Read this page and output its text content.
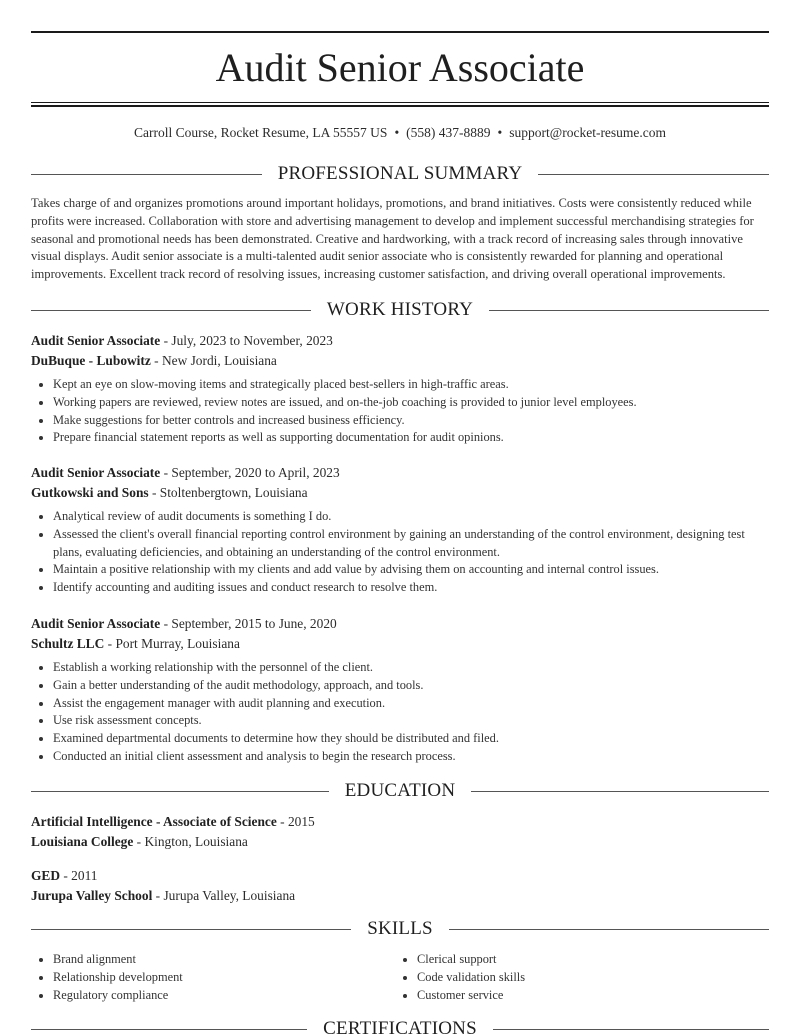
Audit Senior Associate
Carroll Course, Rocket Resume, LA 55557 US • (558) 437-8889 • support@rocket-resume.com
PROFESSIONAL SUMMARY

Takes charge of and organizes promotions around important holidays, promotions, and brand initiatives. Costs were consistently reduced while profits were increased. Collaboration with store and advertising management to develop and implement successful merchandising strategies for seasonal and promotional needs has been demonstrated. Creative and hardworking, with a track record of increasing sales through innovative visual displays. Audit senior associate is a multi-talented audit senior associate who is consistently rewarded for planning and operational improvements. Excellent track record of resolving issues, increasing customer satisfaction, and driving overall operational improvements.

WORK HISTORY
Audit Senior Associate - July, 2023 to November, 2023
DuBuque - Lubowitz - New Jordi, Louisiana
• Kept an eye on slow-moving items and strategically placed best-sellers in high-traffic areas.
• Working papers are reviewed, review notes are issued, and on-the-job coaching is provided to junior level employees.
• Make suggestions for better controls and increased business efficiency.
• Prepare financial statement reports as well as supporting documentation for audit opinions.
Audit Senior Associate - September, 2020 to April, 2023
Gutkowski and Sons - Stoltenbergtown, Louisiana
• Analytical review of audit documents is something I do.
• Assessed the client's overall financial reporting control environment by gaining an understanding of the control environment, designing test plans, evaluating deficiencies, and obtaining an understanding of the control environment.
• Maintain a positive relationship with my clients and add value by advising them on accounting and internal control issues.
• Identify accounting and auditing issues and conduct research to resolve them.
Audit Senior Associate - September, 2015 to June, 2020
Schultz LLC - Port Murray, Louisiana
• Establish a working relationship with the personnel of the client.
• Gain a better understanding of the audit methodology, approach, and tools.
• Assist the engagement manager with audit planning and execution.
• Use risk assessment concepts.
• Examined departmental documents to determine how they should be distributed and filed.
• Conducted an initial client assessment and analysis to begin the research process.
EDUCATION
Artificial Intelligence - Associate of Science - 2015
Louisiana College - Kington, Louisiana
GED - 2011
Jurupa Valley School - Jurupa Valley, Louisiana
SKILLS
• Brand alignment
• Relationship development
• Regulatory compliance
• Clerical support
• Code validation skills
• Customer service
CERTIFICATIONS
